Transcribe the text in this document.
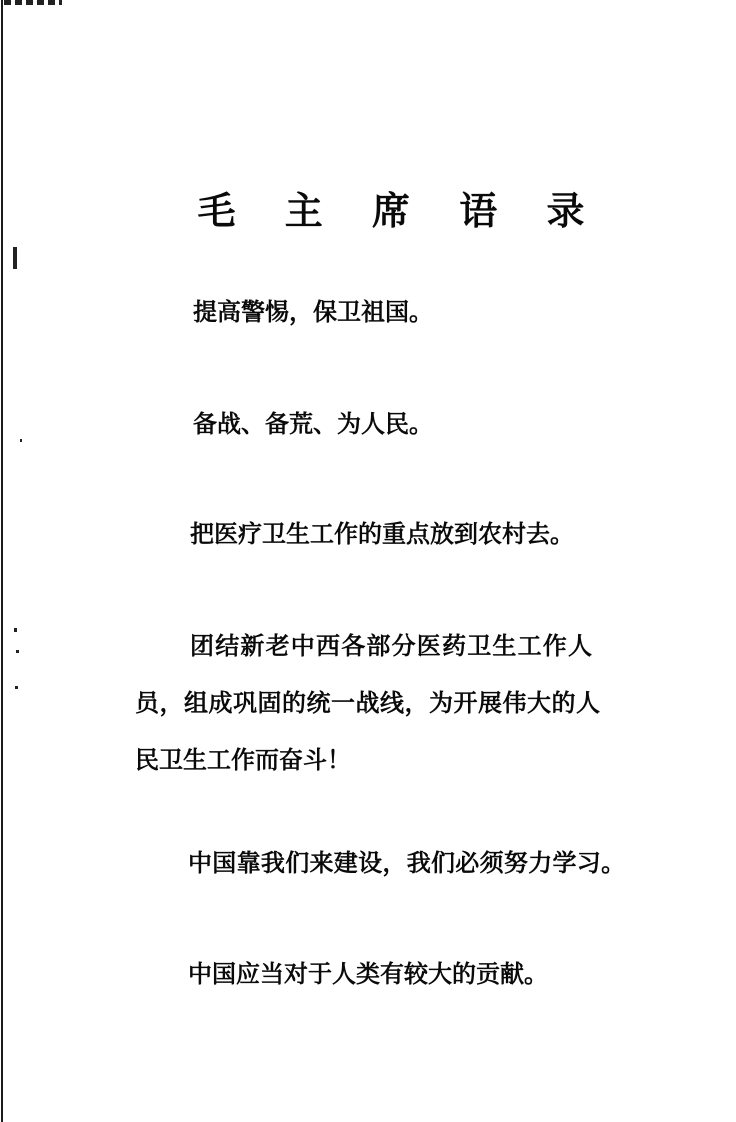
毛 主 席 语 录

提高警惕，保卫祖国。

备战、备荒、为人民。

把医疗卫生工作的重点放到农村去。

团结新老中西各部分医药卫生工作人
员，组成巩固的统一战线，为开展伟大的人
民卫生工作而奋斗！

中国靠我们来建设，我们必须努力学习。

中国应当对于人类有较大的贡献。
